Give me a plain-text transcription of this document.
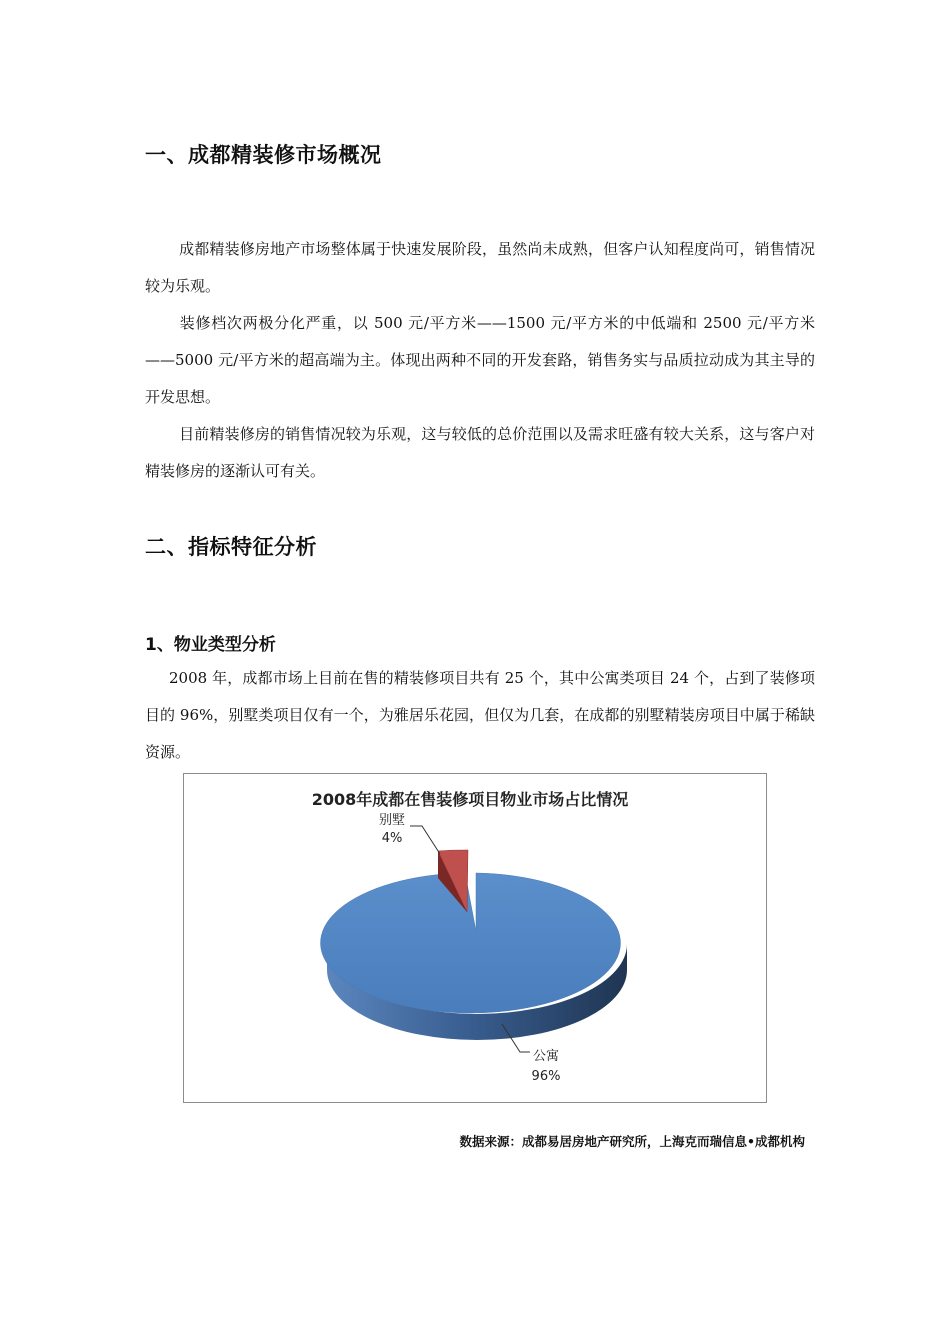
一、成都精装修市场概况

成都精装修房地产市场整体属于快速发展阶段，虽然尚未成熟，但客户认知程度尚可，销售情况较为乐观。

装修档次两极分化严重，以 500 元/平方米——1500 元/平方米的中低端和 2500 元/平方米——5000 元/平方米的超高端为主。体现出两种不同的开发套路，销售务实与品质拉动成为其主导的开发思想。

目前精装修房的销售情况较为乐观，这与较低的总价范围以及需求旺盛有较大关系，这与客户对精装修房的逐渐认可有关。

二、指标特征分析
1、物业类型分析

2008 年，成都市场上目前在售的精装修项目共有 25 个，其中公寓类项目 24 个，占到了装修项目的 96%，别墅类项目仅有一个，为雅居乐花园，但仅为几套，在成都的别墅精装房项目中属于稀缺资源。

2008年成都在售装修项目物业市场占比情况
别墅
4%
公寓
96%

数据来源：成都易居房地产研究所，上海克而瑞信息•成都机构
